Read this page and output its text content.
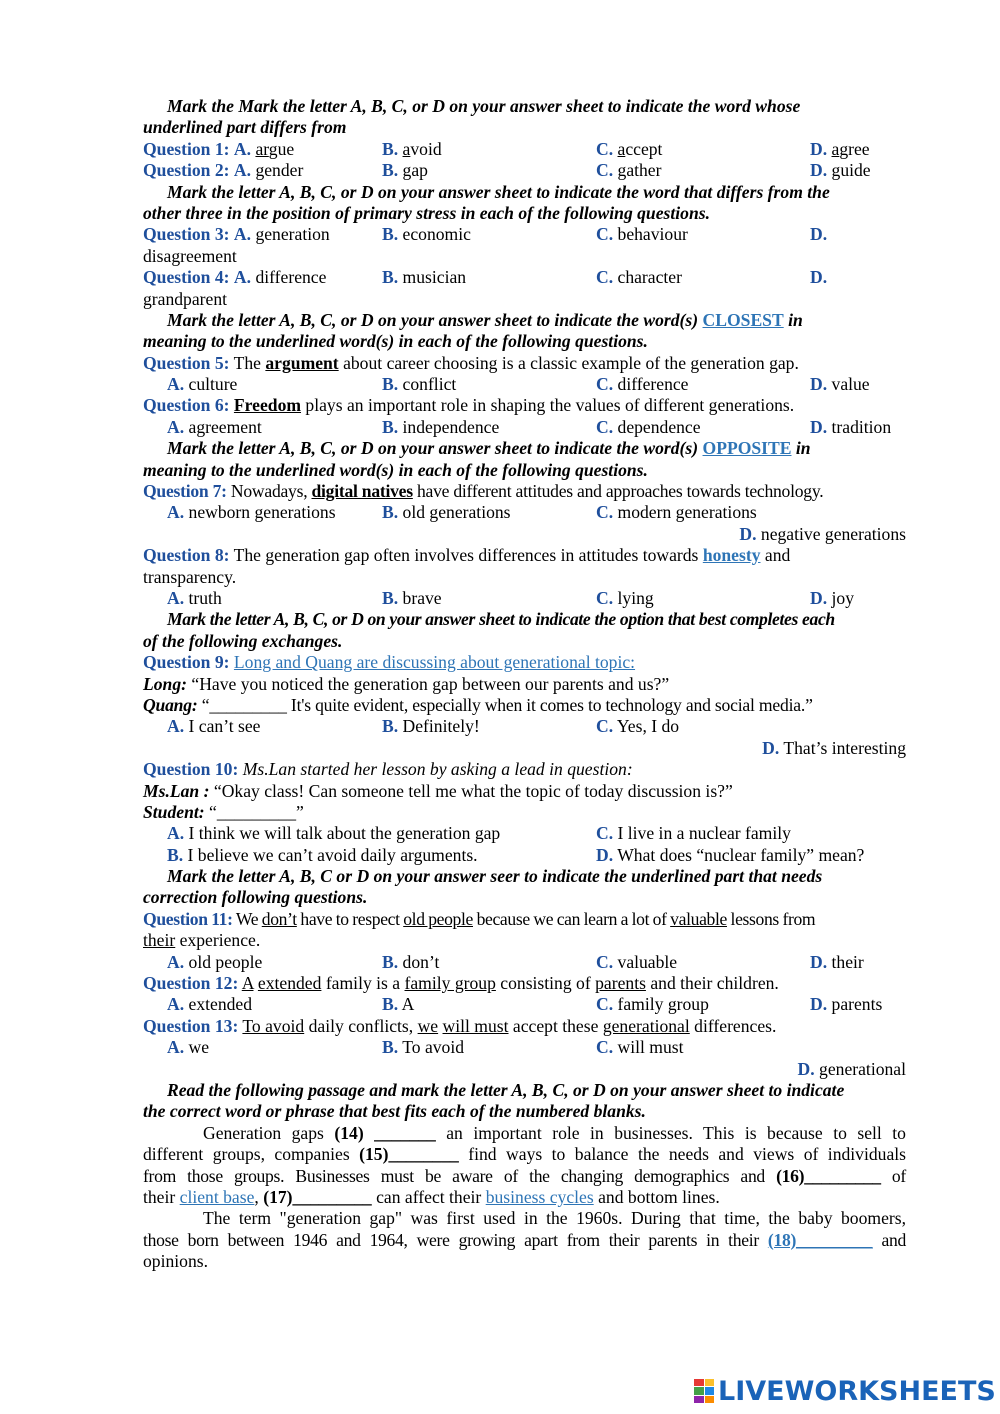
Mark the Mark the letter A, B, C, or D on your answer sheet to indicate the word whose
underlined part differs from
Question 1: A. argue	B. avoid	C. accept	D. agree
Question 2: A. gender	B. gap	C. gather	D. guide
Mark the letter A, B, C, or D on your answer sheet to indicate the word that differs from the
other three in the position of primary stress in each of the following questions.
Question 3: A. generation	B. economic	C. behaviour	D.
disagreement
Question 4: A. difference	B. musician	C. character	D.
grandparent
Mark the letter A, B, C, or D on your answer sheet to indicate the word(s) CLOSEST in
meaning to the underlined word(s) in each of the following questions.
Question 5: The argument about career choosing is a classic example of the generation gap.
A. culture	B. conflict	C. difference	D. value
Question 6: Freedom plays an important role in shaping the values of different generations.
A. agreement	B. independence	C. dependence	D. tradition
Mark the letter A, B, C, or D on your answer sheet to indicate the word(s) OPPOSITE in
meaning to the underlined word(s) in each of the following questions.
Question 7: Nowadays, digital natives have different attitudes and approaches towards technology.
A. newborn generations	B. old generations	C. modern generations
D. negative generations
Question 8: The generation gap often involves differences in attitudes towards honesty and
transparency.
A. truth	B. brave	C. lying	D. joy
Mark the letter A, B, C, or D on your answer sheet to indicate the option that best completes each
of the following exchanges.
Question 9: Long and Quang are discussing about generational topic:
Long: “Have you noticed the generation gap between our parents and us?”
Quang: “_________ It's quite evident, especially when it comes to technology and social media.”
A. I can’t see	B. Definitely!	C. Yes, I do
D. That’s interesting
Question 10: Ms.Lan started her lesson by asking a lead in question:
Ms.Lan : “Okay class! Can someone tell me what the topic of today discussion is?”
Student: “_________”
A. I think we will talk about the generation gap	C. I live in a nuclear family
B. I believe we can’t avoid daily arguments.	D. What does “nuclear family” mean?
Mark the letter A, B, C or D on your answer seer to indicate the underlined part that needs
correction following questions.
Question 11: We don’t have to respect old people because we can learn a lot of valuable lessons from
their experience.
A. old people	B. don’t	C. valuable	D. their
Question 12: A extended family is a family group consisting of parents and their children.
A. extended	B. A	C. family group	D. parents
Question 13: To avoid daily conflicts, we will must accept these generational differences.
A. we	B. To avoid	C. will must
D. generational
Read the following passage and mark the letter A, B, C, or D on your answer sheet to indicate
the correct word or phrase that best fits each of the numbered blanks.
Generation gaps (14) _______ an important role in businesses. This is because to sell to
different groups, companies (15)________ find ways to balance the needs and views of individuals
from those groups. Businesses must be aware of the changing demographics and (16)_________ of
their client base, (17)_________ can affect their business cycles and bottom lines.
The term "generation gap" was first used in the 1960s. During that time, the baby boomers,
those born between 1946 and 1964, were growing apart from their parents in their (18)_________ and
opinions.
LIVEWORKSHEETS
